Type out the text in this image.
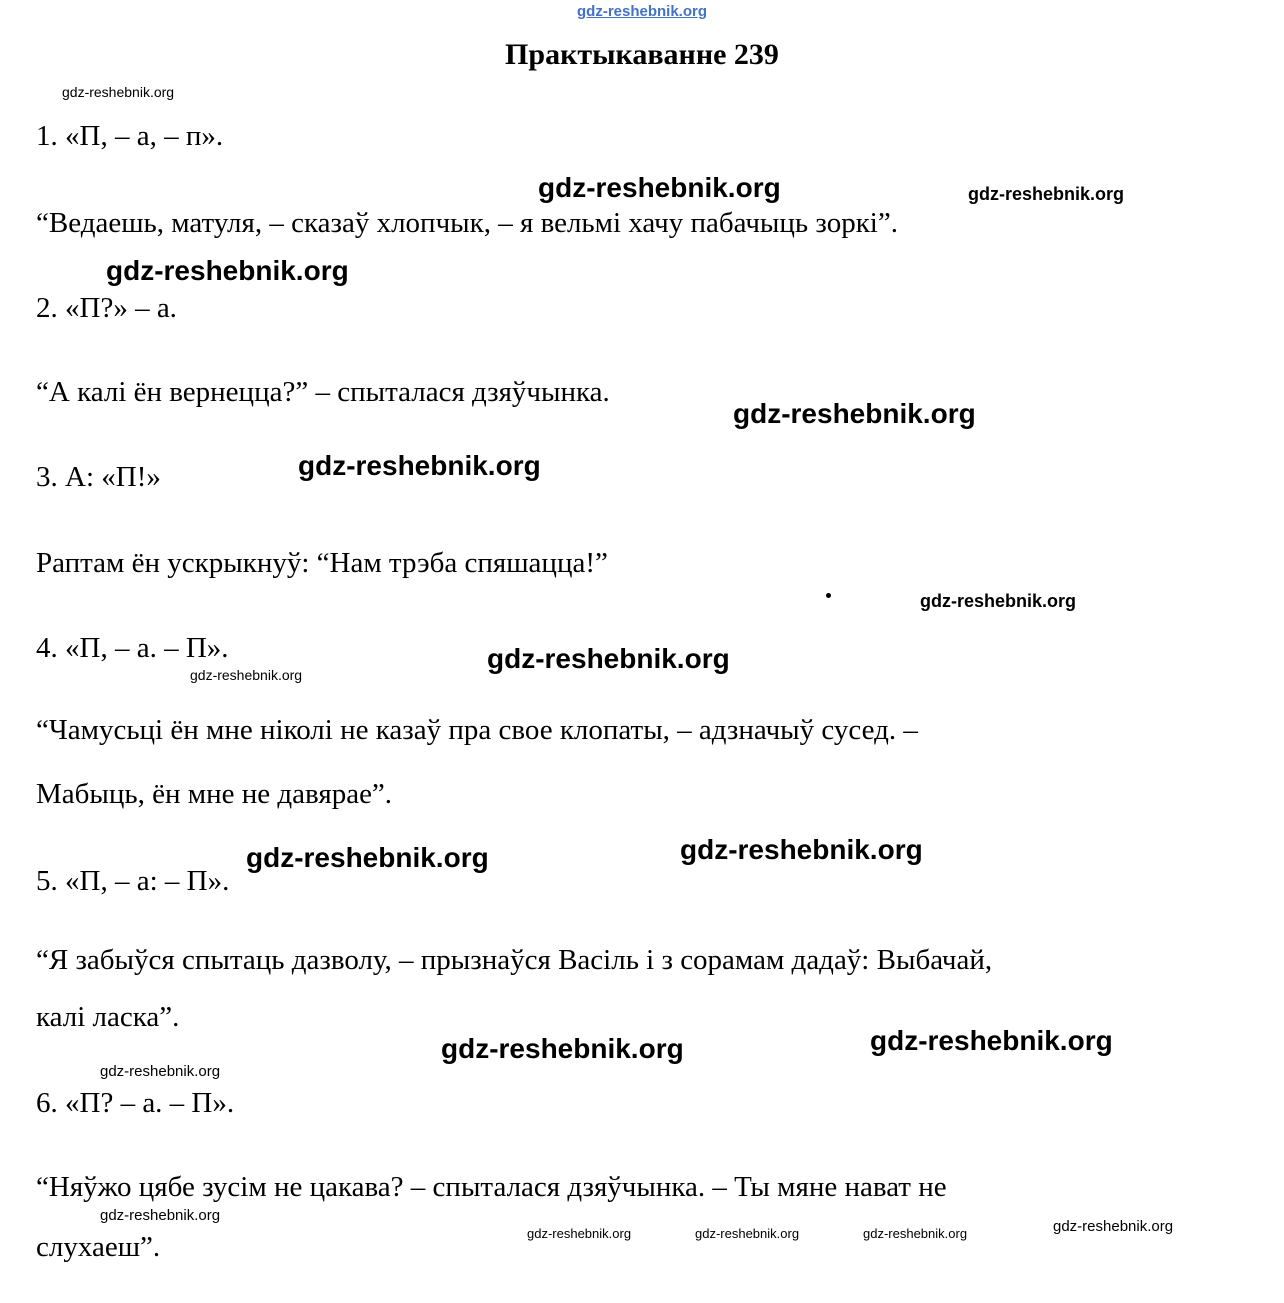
gdz-reshebnik.org
Практыкаванне 239
gdz-reshebnik.org
gdz-reshebnik.org	gdz-reshebnik.org
gdz-reshebnik.org
gdz-reshebnik.org
gdz-reshebnik.org
gdz-reshebnik.org
gdz-reshebnik.org
gdz-reshebnik.org
gdz-reshebnik.org	gdz-reshebnik.org
gdz-reshebnik.org	gdz-reshebnik.org
gdz-reshebnik.org
gdz-reshebnik.org
gdz-reshebnik.org	gdz-reshebnik.org	gdz-reshebnik.org	gdz-reshebnik.org
1. «П, – а, – п».
“Ведаешь, матуля, – сказаў хлопчык, – я вельмі хачу пабачыць зоркі”.
2. «П?» – а.
“А калі ён вернецца?” – спыталася дзяўчынка.
3. А: «П!»
Раптам ён ускрыкнуў: “Нам трэба спяшацца!”
4. «П, – а. – П».
“Чамусьці ён мне ніколі не казаў пра свое клопаты, – адзначыў сусед. –
Мабыць, ён мне не давярае”.
5. «П, – а: – П».
“Я забыўся спытаць дазволу, – прызнаўся Васіль і з сорамам дадаў: Выбачай,
калі ласка”.
6. «П? – а. – П».
“Няўжо цябе зусім не цакава? – спыталася дзяўчынка. – Ты мяне нават не
слухаеш”.
